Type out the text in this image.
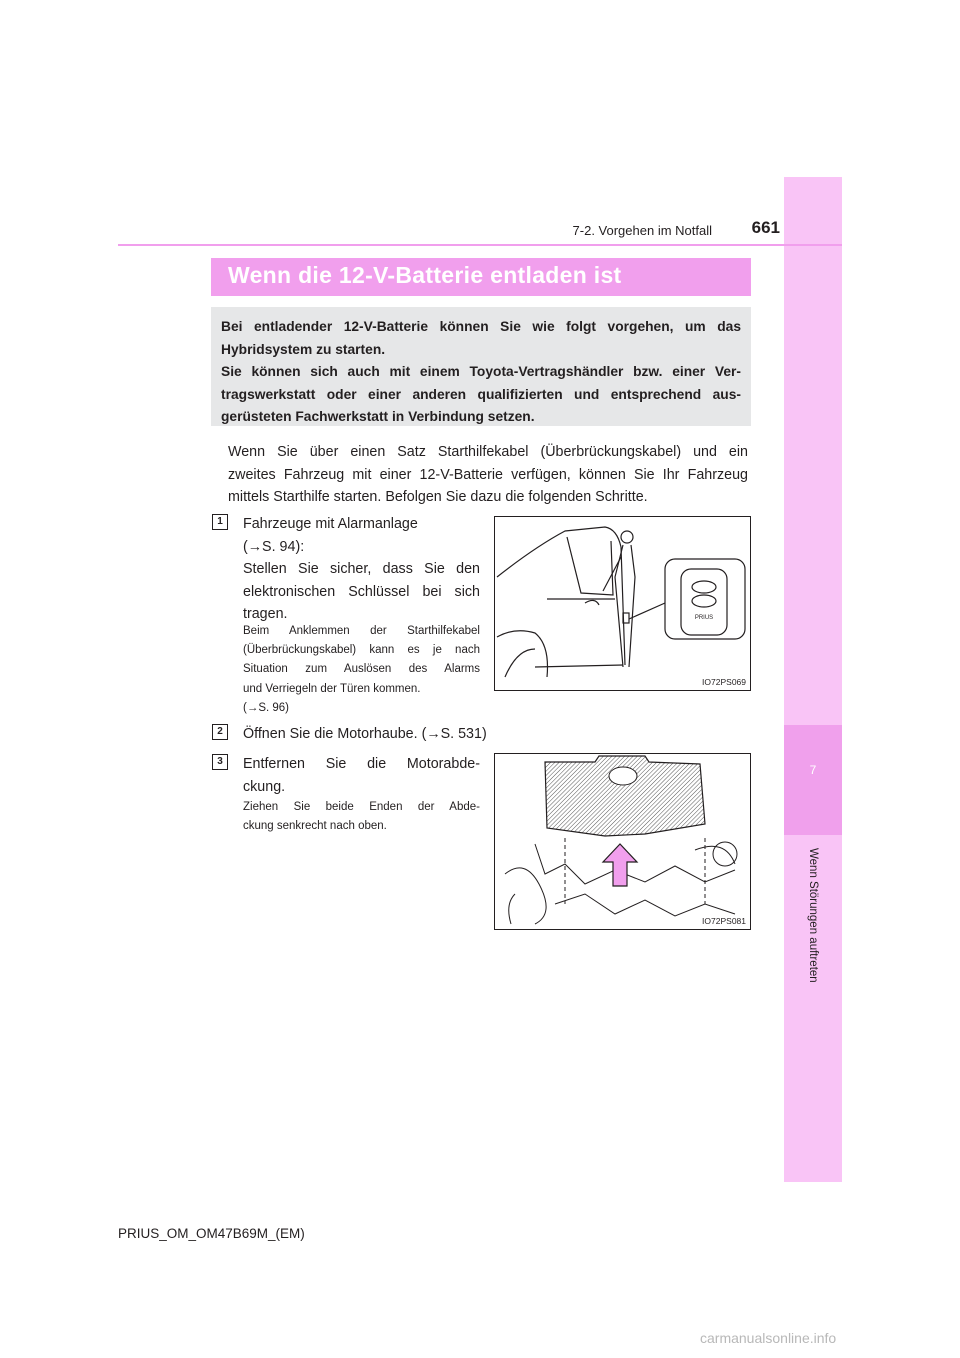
7
Wenn Störungen auftreten
7-2. Vorgehen im Notfall	661
Wenn die 12-V-Batterie entladen ist
Bei entladender 12-V-Batterie können Sie wie folgt vorgehen, um das
Hybridsystem zu starten.
Sie können sich auch mit einem Toyota-Vertragshändler bzw. einer Ver-
tragswerkstatt oder einer anderen qualifizierten und entsprechend aus-
gerüsteten Fachwerkstatt in Verbindung setzen.
Wenn Sie über einen Satz Starthilfekabel (Überbrückungskabel) und ein
zweites Fahrzeug mit einer 12-V-Batterie verfügen, können Sie Ihr Fahrzeug
mittels Starthilfe starten. Befolgen Sie dazu die folgenden Schritte.
1	Fahrzeuge mit Alarmanlage
(→S. 94):
Stellen Sie sicher, dass Sie den
elektronischen Schlüssel bei sich
tragen.
Beim Anklemmen der Starthilfekabel
(Überbrückungskabel) kann es je nach
Situation zum Auslösen des Alarms
und Verriegeln der Türen kommen.
(→S. 96)
PRIUS
IO72PS069
2	Öffnen Sie die Motorhaube. (→S. 531)
3	Entfernen Sie die Motorabde-
ckung.
Ziehen Sie beide Enden der Abde-
ckung senkrecht nach oben.
IO72PS081
PRIUS_OM_OM47B69M_(EM)
carmanualsonline.info
